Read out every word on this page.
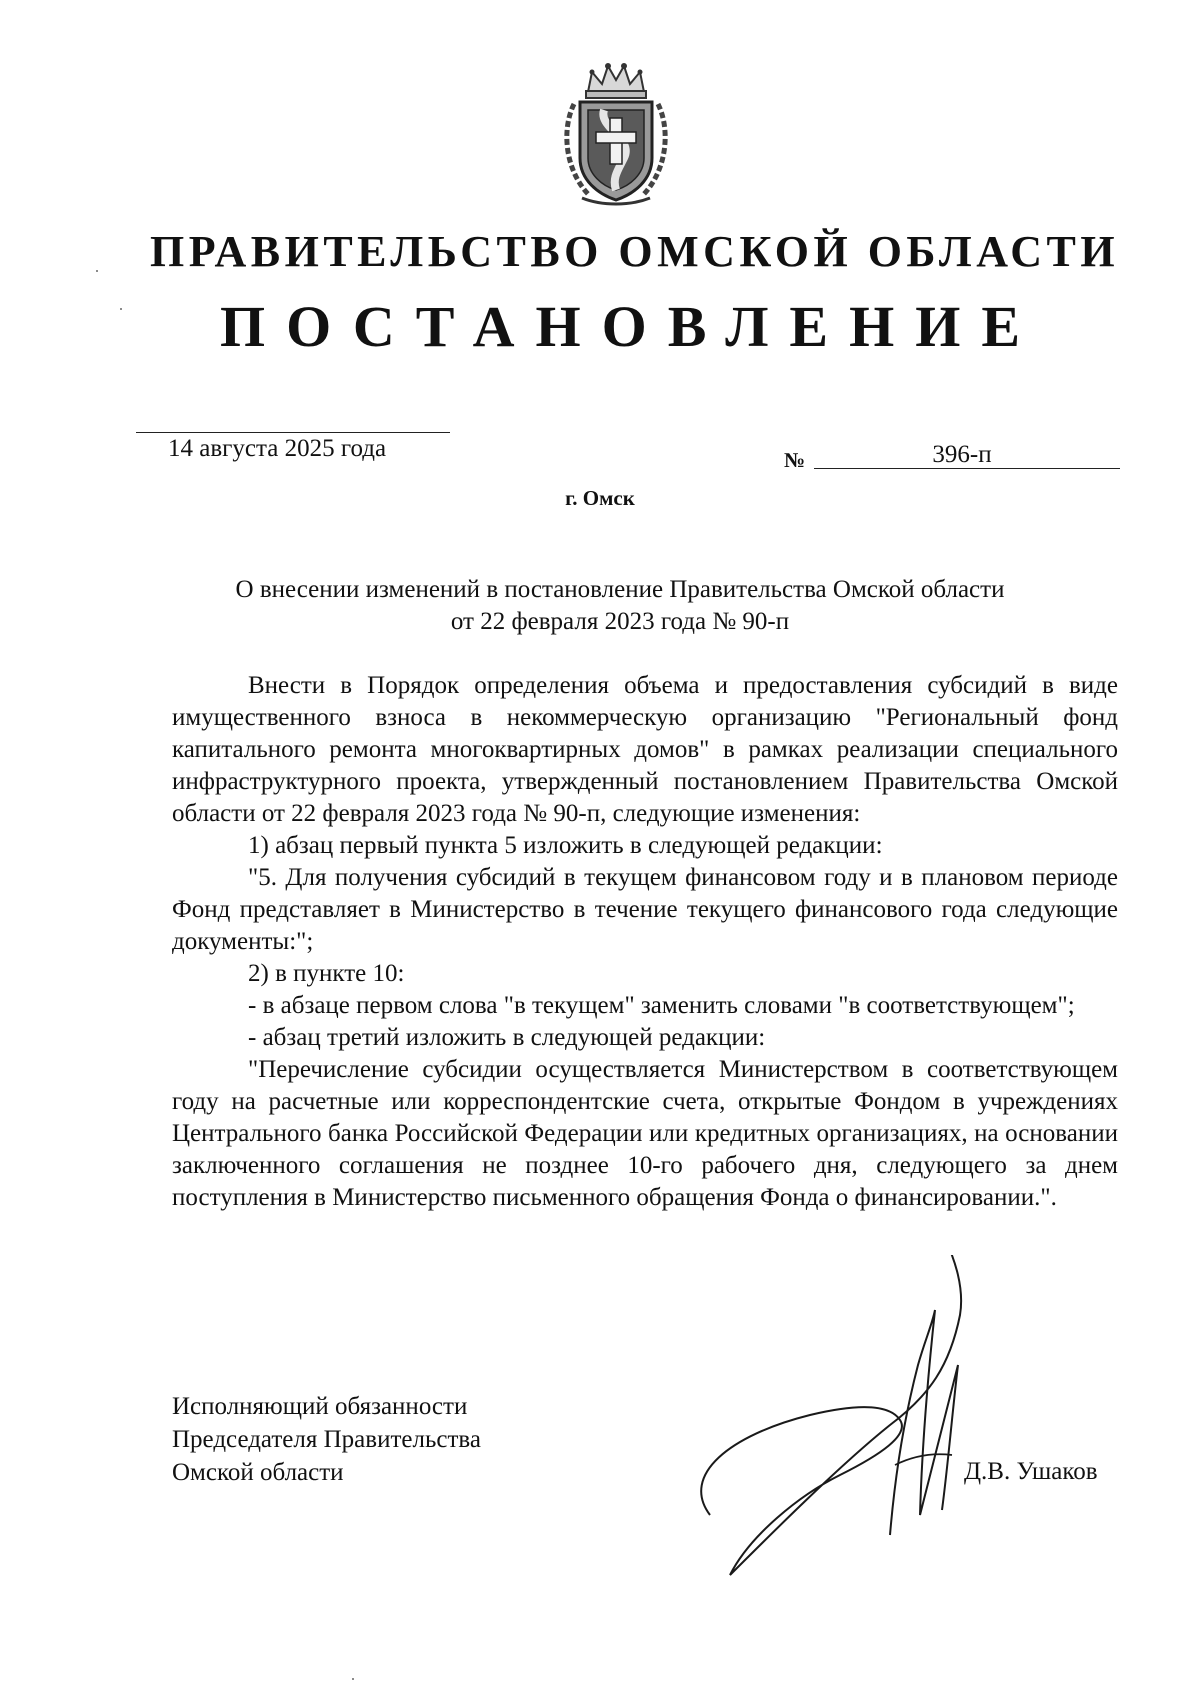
ПРАВИТЕЛЬСТВО ОМСКОЙ ОБЛАСТИ
ПОСТАНОВЛЕНИЕ
14 августа 2025 года	№	396-п
г. Омск
О внесении изменений в постановление Правительства Омской области
от 22 февраля 2023 года № 90-п

Внести в Порядок определения объема и предоставления субсидий в виде имущественного взноса в некоммерческую организацию "Региональный фонд капитального ремонта многоквартирных домов" в рамках реализации специального инфраструктурного проекта, утвержденный постановлением Правительства Омской области от 22 февраля 2023 года № 90-п, следующие изменения:

1) абзац первый пункта 5 изложить в следующей редакции:

"5. Для получения субсидий в текущем финансовом году и в плановом периоде Фонд представляет в Министерство в течение текущего финансового года следующие документы:";

2) в пункте 10:

- в абзаце первом слова "в текущем" заменить словами "в соответствующем";

- абзац третий изложить в следующей редакции:

"Перечисление субсидии осуществляется Министерством в соответствующем году на расчетные или корреспондентские счета, открытые Фондом в учреждениях Центрального банка Российской Федерации или кредитных организациях, на основании заключенного соглашения не позднее 10-го рабочего дня, следующего за днем поступления в Министерство письменного обращения Фонда о финансировании.".

Исполняющий обязанности
Председателя Правительства
Омской области	Д.В. Ушаков
